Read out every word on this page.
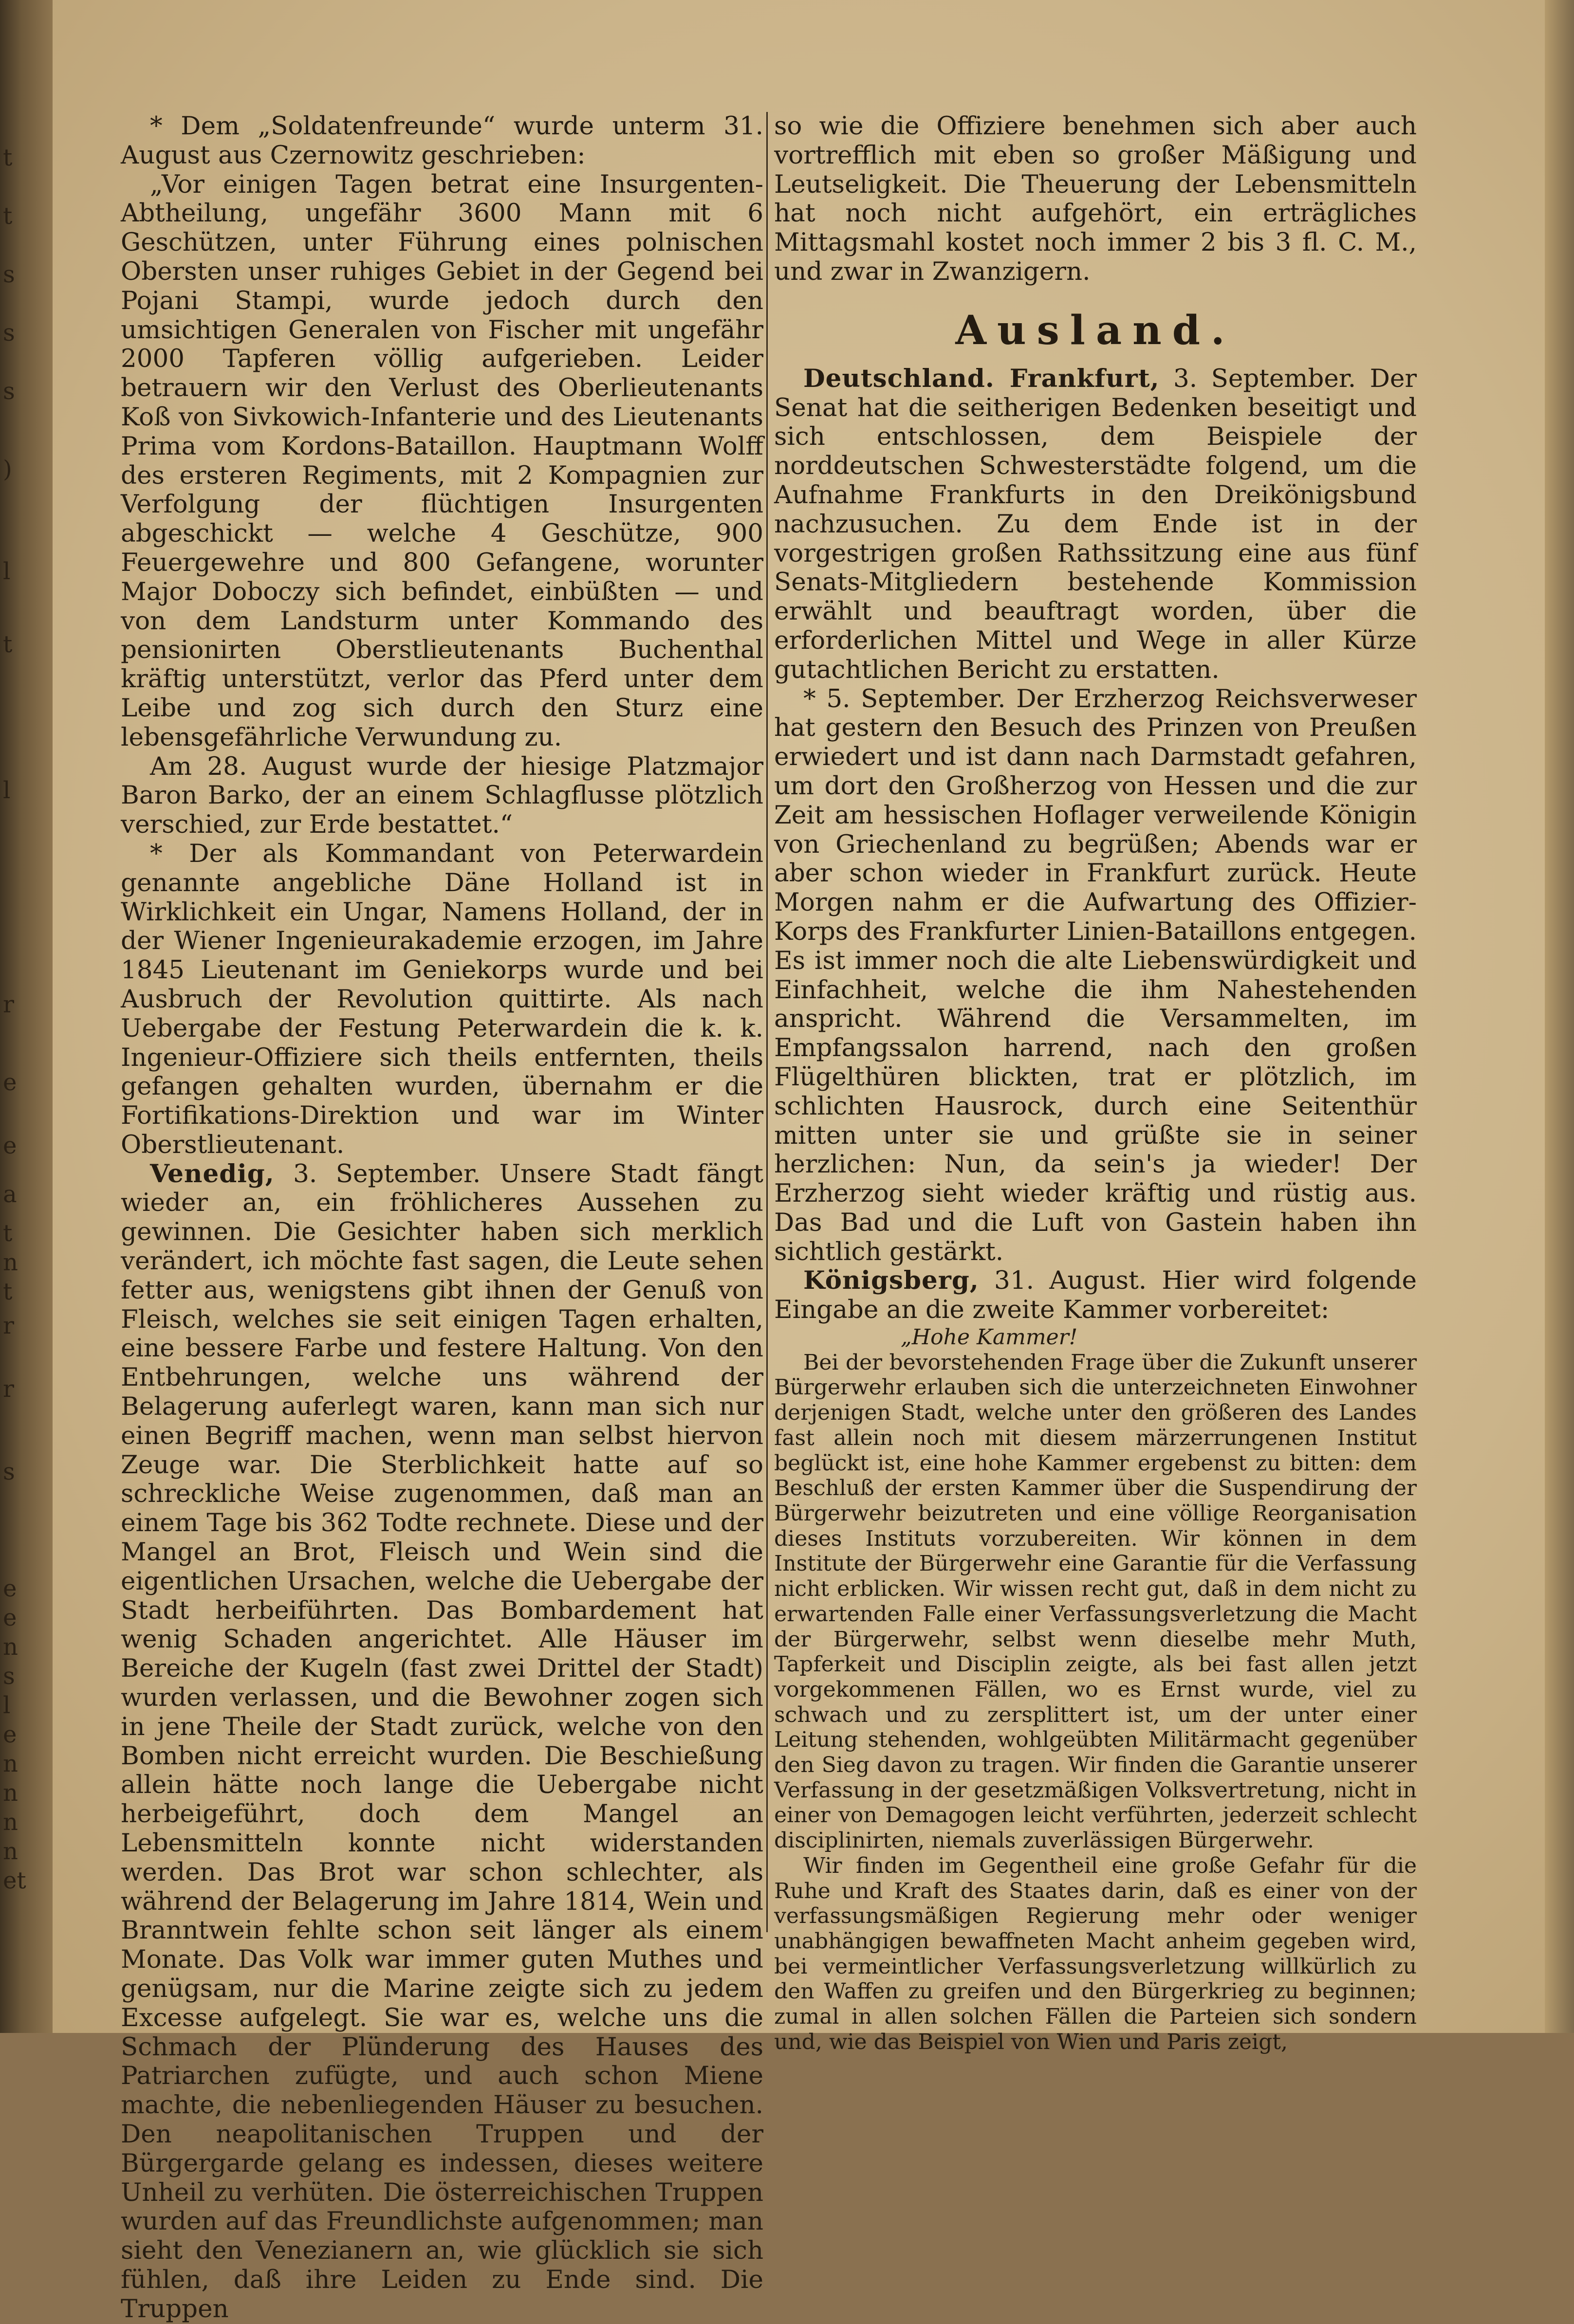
t
t
s
s
s
)
l
t
l
r
e
e
a
t
n
t
r
r
s
e
e
n
s
l
e
n
n
n
n
et

* Dem „Soldatenfreunde“ wurde unterm 31. August aus Czernowitz geschrieben:

„Vor einigen Tagen betrat eine Insurgenten-Abtheilung, ungefähr 3600 Mann mit 6 Geschützen, unter Führung eines polnischen Obersten unser ruhiges Gebiet in der Gegend bei Pojani Stampi, wurde jedoch durch den umsichtigen Generalen von Fischer mit ungefähr 2000 Tapferen völlig aufgerieben. Leider betrauern wir den Verlust des Oberlieutenants Koß von Sivkowich-Infanterie und des Lieutenants Prima vom Kordons-Bataillon. Hauptmann Wolff des ersteren Regiments, mit 2 Kompagnien zur Verfolgung der flüchtigen Insurgenten abgeschickt — welche 4 Geschütze, 900 Feuergewehre und 800 Gefangene, worunter Major Doboczy sich befindet, einbüßten — und von dem Landsturm unter Kommando des pensionirten Oberstlieutenants Buchenthal kräftig unterstützt, verlor das Pferd unter dem Leibe und zog sich durch den Sturz eine lebensgefährliche Verwundung zu.

Am 28. August wurde der hiesige Platzmajor Baron Barko, der an einem Schlagflusse plötzlich verschied, zur Erde bestattet.“

* Der als Kommandant von Peterwardein genannte angebliche Däne Holland ist in Wirklichkeit ein Ungar, Namens Holland, der in der Wiener Ingenieurakademie erzogen, im Jahre 1845 Lieutenant im Geniekorps wurde und bei Ausbruch der Revolution quittirte. Als nach Uebergabe der Festung Peterwardein die k. k. Ingenieur-Offiziere sich theils entfernten, theils gefangen gehalten wurden, übernahm er die Fortifikations-Direktion und war im Winter Oberstlieutenant.

Venedig, 3. September. Unsere Stadt fängt wieder an, ein fröhlicheres Aussehen zu gewinnen. Die Gesichter haben sich merklich verändert, ich möchte fast sagen, die Leute sehen fetter aus, wenigstens gibt ihnen der Genuß von Fleisch, welches sie seit einigen Tagen erhalten, eine bessere Farbe und festere Haltung. Von den Entbehrungen, welche uns während der Belagerung auferlegt waren, kann man sich nur einen Begriff machen, wenn man selbst hiervon Zeuge war. Die Sterblichkeit hatte auf so schreckliche Weise zugenommen, daß man an einem Tage bis 362 Todte rechnete. Diese und der Mangel an Brot, Fleisch und Wein sind die eigentlichen Ursachen, welche die Uebergabe der Stadt herbeiführten. Das Bombardement hat wenig Schaden angerichtet. Alle Häuser im Bereiche der Kugeln (fast zwei Drittel der Stadt) wurden verlassen, und die Bewohner zogen sich in jene Theile der Stadt zurück, welche von den Bomben nicht erreicht wurden. Die Beschießung allein hätte noch lange die Uebergabe nicht herbeigeführt, doch dem Mangel an Lebensmitteln konnte nicht widerstanden werden. Das Brot war schon schlechter, als während der Belagerung im Jahre 1814, Wein und Branntwein fehlte schon seit länger als einem Monate. Das Volk war immer guten Muthes und genügsam, nur die Marine zeigte sich zu jedem Excesse aufgelegt. Sie war es, welche uns die Schmach der Plünderung des Hauses des Patriarchen zufügte, und auch schon Miene machte, die nebenliegenden Häuser zu besuchen. Den neapolitanischen Truppen und der Bürgergarde gelang es indessen, dieses weitere Unheil zu verhüten. Die österreichischen Truppen wurden auf das Freundlichste aufgenommen; man sieht den Venezianern an, wie glücklich sie sich fühlen, daß ihre Leiden zu Ende sind. Die Truppen

so wie die Offiziere benehmen sich aber auch vortrefflich mit eben so großer Mäßigung und Leutseligkeit. Die Theuerung der Lebensmitteln hat noch nicht aufgehört, ein erträgliches Mittagsmahl kostet noch immer 2 bis 3 fl. C. M., und zwar in Zwanzigern.

Ausland.

Deutschland. Frankfurt, 3. September. Der Senat hat die seitherigen Bedenken beseitigt und sich entschlossen, dem Beispiele der norddeutschen Schwesterstädte folgend, um die Aufnahme Frankfurts in den Dreikönigsbund nachzusuchen. Zu dem Ende ist in der vorgestrigen großen Rathssitzung eine aus fünf Senats-Mitgliedern bestehende Kommission erwählt und beauftragt worden, über die erforderlichen Mittel und Wege in aller Kürze gutachtlichen Bericht zu erstatten.

* 5. September. Der Erzherzog Reichsverweser hat gestern den Besuch des Prinzen von Preußen erwiedert und ist dann nach Darmstadt gefahren, um dort den Großherzog von Hessen und die zur Zeit am hessischen Hoflager verweilende Königin von Griechenland zu begrüßen; Abends war er aber schon wieder in Frankfurt zurück. Heute Morgen nahm er die Aufwartung des Offizier-Korps des Frankfurter Linien-Bataillons entgegen. Es ist immer noch die alte Liebenswürdigkeit und Einfachheit, welche die ihm Nahestehenden anspricht. Während die Versammelten, im Empfangssalon harrend, nach den großen Flügelthüren blickten, trat er plötzlich, im schlichten Hausrock, durch eine Seitenthür mitten unter sie und grüßte sie in seiner herzlichen: Nun, da sein's ja wieder! Der Erzherzog sieht wieder kräftig und rüstig aus. Das Bad und die Luft von Gastein haben ihn sichtlich gestärkt.

Königsberg, 31. August. Hier wird folgende Eingabe an die zweite Kammer vorbereitet:

„Hohe Kammer!

Bei der bevorstehenden Frage über die Zukunft unserer Bürgerwehr erlauben sich die unterzeichneten Einwohner derjenigen Stadt, welche unter den größeren des Landes fast allein noch mit diesem märzerrungenen Institut beglückt ist, eine hohe Kammer ergebenst zu bitten: dem Beschluß der ersten Kammer über die Suspendirung der Bürgerwehr beizutreten und eine völlige Reorganisation dieses Instituts vorzubereiten. Wir können in dem Institute der Bürgerwehr eine Garantie für die Verfassung nicht erblicken. Wir wissen recht gut, daß in dem nicht zu erwartenden Falle einer Verfassungsverletzung die Macht der Bürgerwehr, selbst wenn dieselbe mehr Muth, Tapferkeit und Disciplin zeigte, als bei fast allen jetzt vorgekommenen Fällen, wo es Ernst wurde, viel zu schwach und zu zersplittert ist, um der unter einer Leitung stehenden, wohlgeübten Militärmacht gegenüber den Sieg davon zu tragen. Wir finden die Garantie unserer Verfassung in der gesetzmäßigen Volksvertretung, nicht in einer von Demagogen leicht verführten, jederzeit schlecht disciplinirten, niemals zuverlässigen Bürgerwehr.

Wir finden im Gegentheil eine große Gefahr für die Ruhe und Kraft des Staates darin, daß es einer von der verfassungsmäßigen Regierung mehr oder weniger unabhängigen bewaffneten Macht anheim gegeben wird, bei vermeintlicher Verfassungsverletzung willkürlich zu den Waffen zu greifen und den Bürgerkrieg zu beginnen; zumal in allen solchen Fällen die Parteien sich sondern und, wie das Beispiel von Wien und Paris zeigt,
